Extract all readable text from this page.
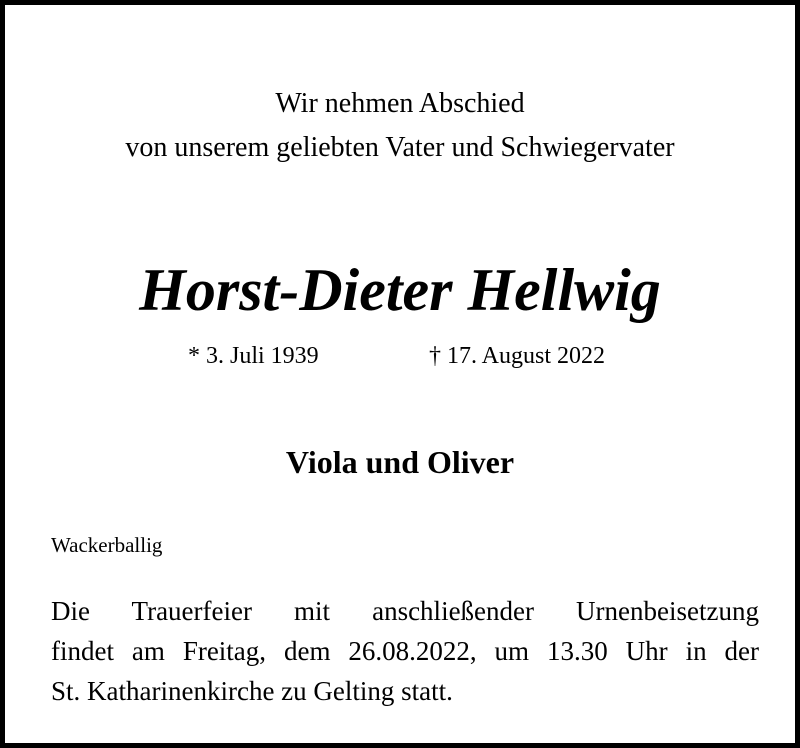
Wir nehmen Abschied
von unserem geliebten Vater und Schwiegervater
Horst-Dieter Hellwig
* 3. Juli 1939	† 17. August 2022
Viola und Oliver
Wackerballig
Die Trauerfeier mit anschließender Urnenbeisetzung
findet am Freitag, dem 26.08.2022, um 13.30 Uhr in der
St. Katharinenkirche zu Gelting statt.
